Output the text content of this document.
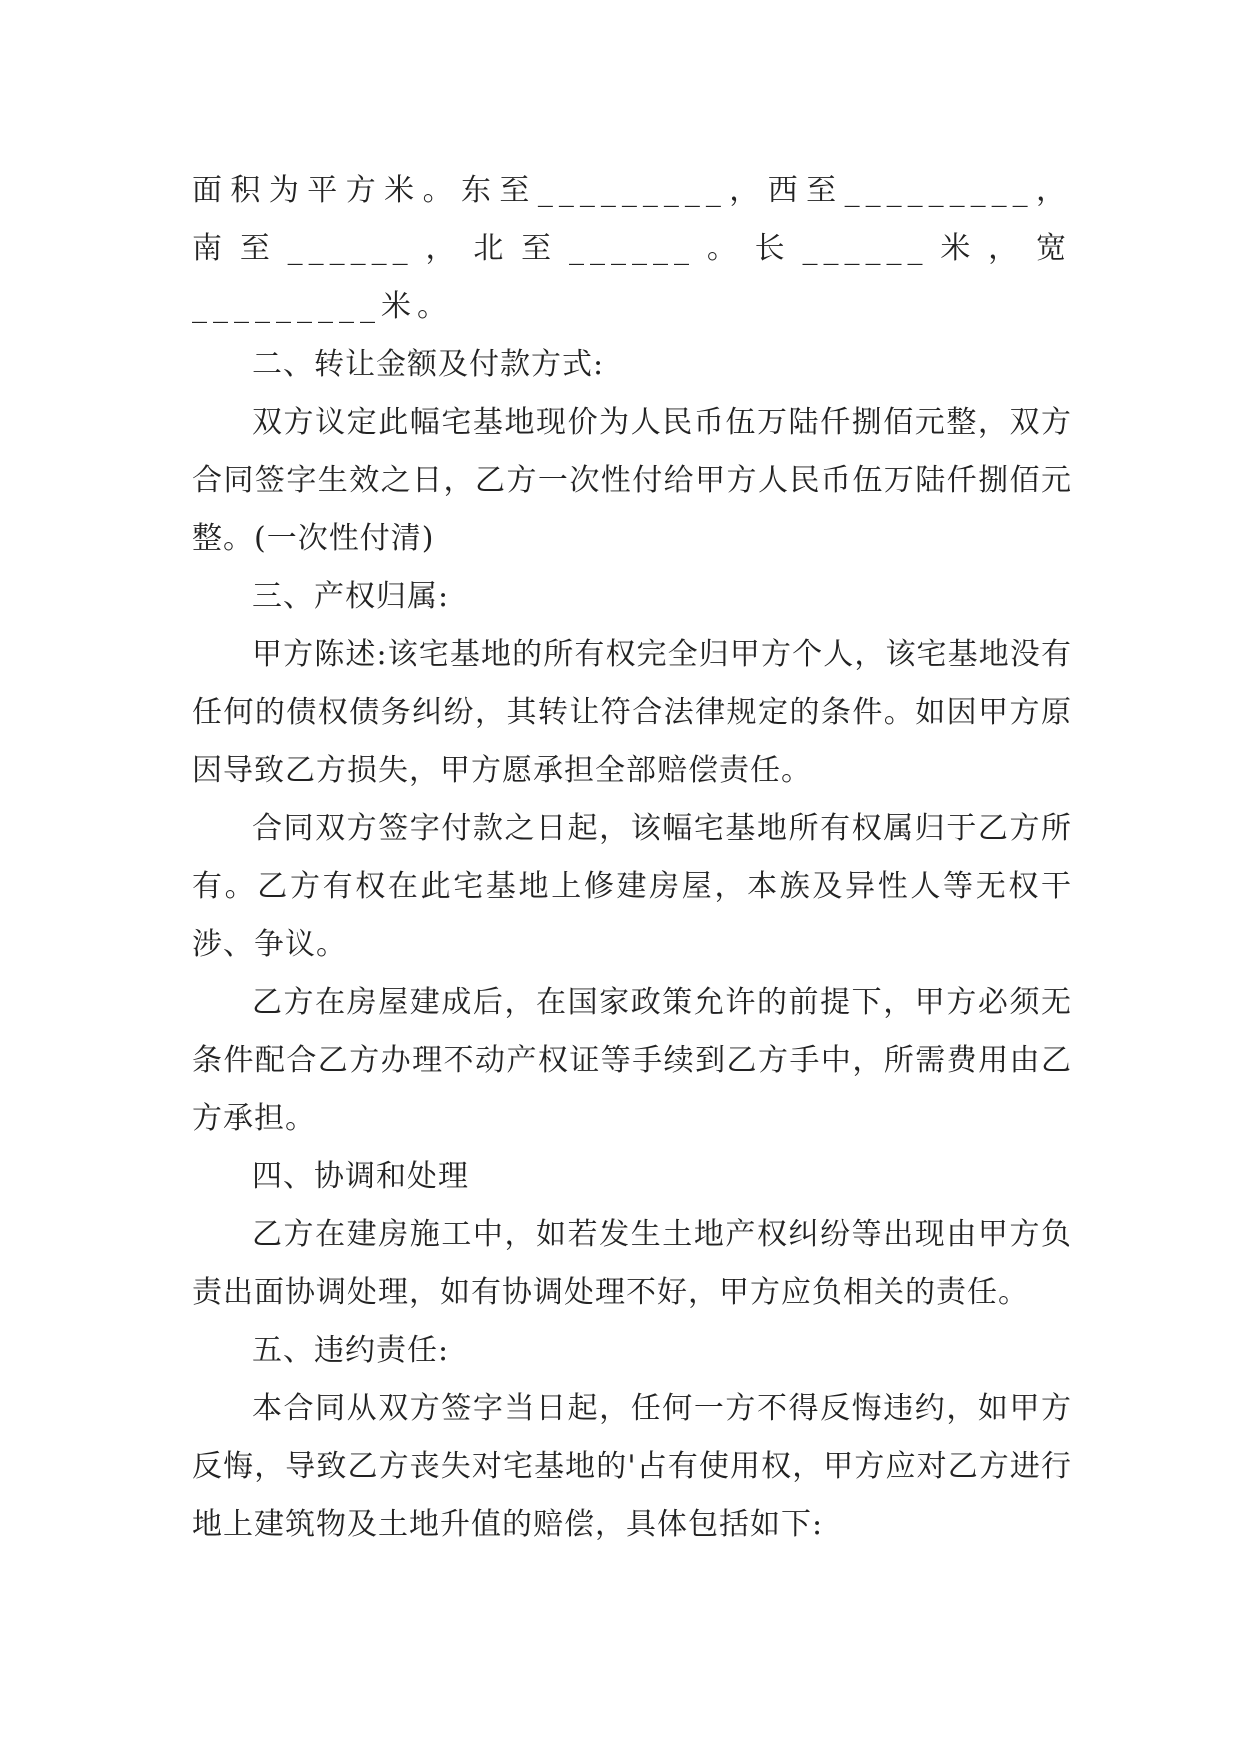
面积为平方米。东至_________，西至_________，南至______，北至______。长______米，宽_________米。

二、转让金额及付款方式:

双方议定此幅宅基地现价为人民币伍万陆仟捌佰元整，双方合同签字生效之日，乙方一次性付给甲方人民币伍万陆仟捌佰元整。(一次性付清)

三、产权归属:

甲方陈述:该宅基地的所有权完全归甲方个人，该宅基地没有任何的债权债务纠纷，其转让符合法律规定的条件。如因甲方原因导致乙方损失，甲方愿承担全部赔偿责任。

合同双方签字付款之日起，该幅宅基地所有权属归于乙方所有。乙方有权在此宅基地上修建房屋，本族及异性人等无权干涉、争议。

乙方在房屋建成后，在国家政策允许的前提下，甲方必须无条件配合乙方办理不动产权证等手续到乙方手中，所需费用由乙方承担。

四、协调和处理

乙方在建房施工中，如若发生土地产权纠纷等出现由甲方负责出面协调处理，如有协调处理不好，甲方应负相关的责任。

五、违约责任:

本合同从双方签字当日起，任何一方不得反悔违约，如甲方反悔，导致乙方丧失对宅基地的'占有使用权，甲方应对乙方进行地上建筑物及土地升值的赔偿，具体包括如下:
